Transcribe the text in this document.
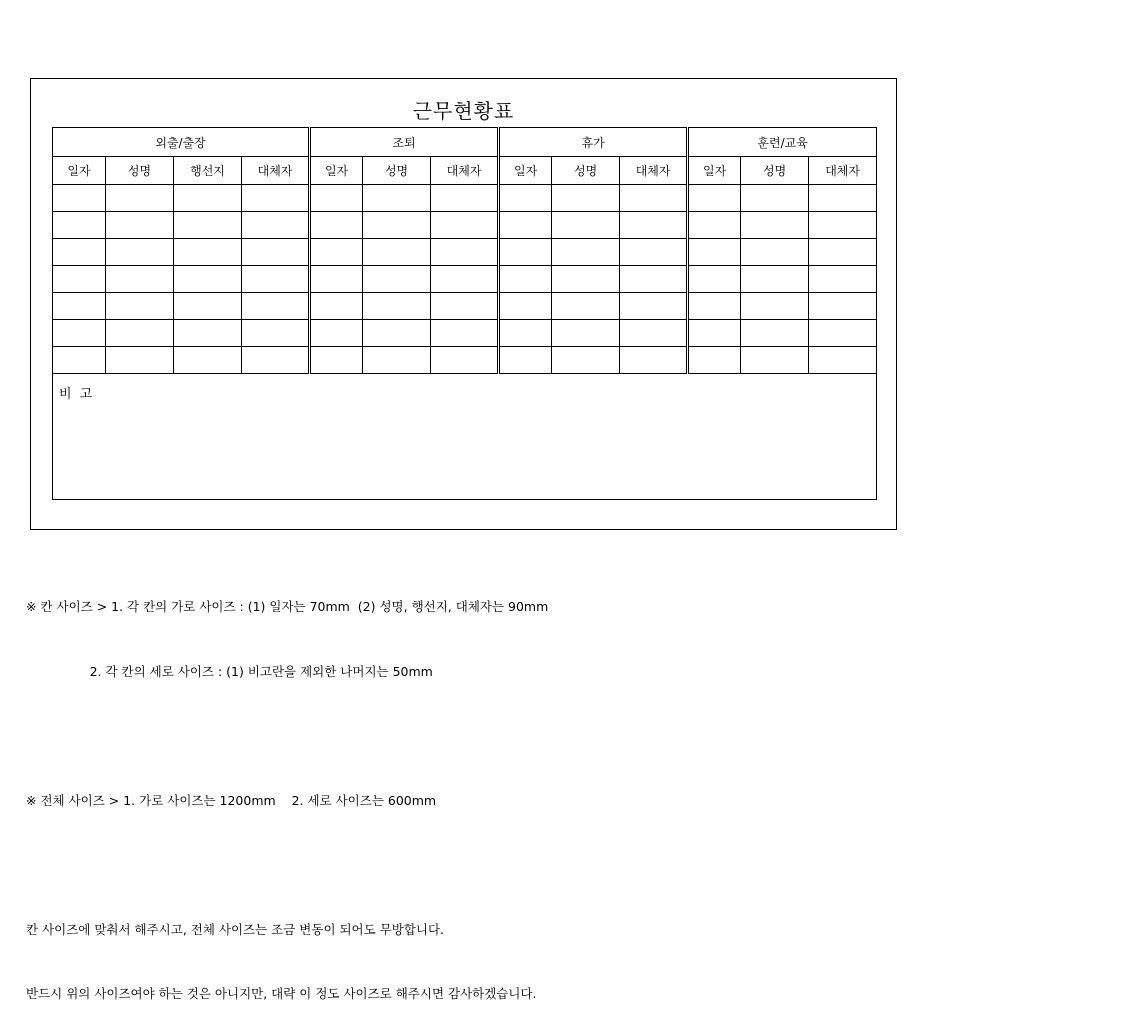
근무현황표
외출/출장				조퇴			휴가			훈련/교육		
일자	성명	행선지	대체자	일자	성명	대체자	일자	성명	대체자	일자	성명	대체자

비 고												

※ 칸 사이즈 > 1. 각 칸의 가로 사이즈 : (1) 일자는 70mm  (2) 성명, 행선지, 대체자는 90mm

2. 각 칸의 세로 사이즈 : (1) 비고란을 제외한 나머지는 50mm

※ 전체 사이즈 > 1. 가로 사이즈는 1200mm    2. 세로 사이즈는 600mm

칸 사이즈에 맞춰서 해주시고, 전체 사이즈는 조금 변동이 되어도 무방합니다.

반드시 위의 사이즈여야 하는 것은 아니지만, 대략 이 정도 사이즈로 해주시면 감사하겠습니다.
